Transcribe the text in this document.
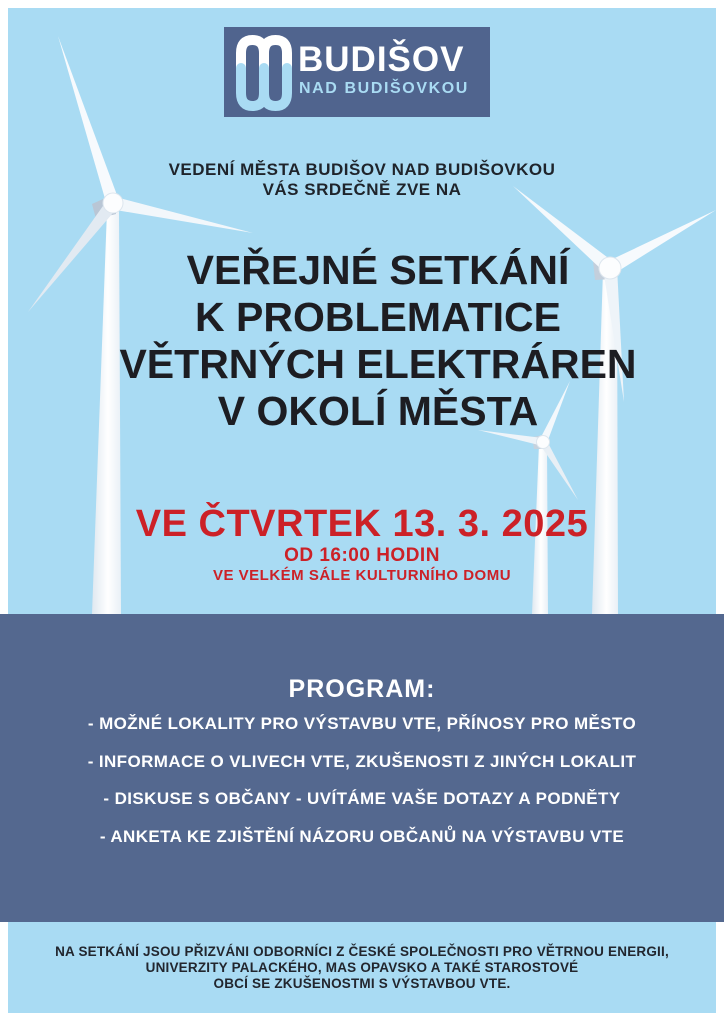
BUDIŠOV
NAD BUDIŠOVKOU
VEDENÍ MĚSTA BUDIŠOV NAD BUDIŠOVKOU
VÁS SRDEČNĚ ZVE NA
VEŘEJNÉ SETKÁNÍ
K PROBLEMATICE
VĚTRNÝCH ELEKTRÁREN
V OKOLÍ MĚSTA
VE ČTVRTEK 13. 3. 2025
OD 16:00 HODIN
VE VELKÉM SÁLE KULTURNÍHO DOMU
PROGRAM:
- MOŽNÉ LOKALITY PRO VÝSTAVBU VTE, PŘÍNOSY PRO MĚSTO
- INFORMACE O VLIVECH VTE, ZKUŠENOSTI Z JINÝCH LOKALIT
- DISKUSE S OBČANY - UVÍTÁME VAŠE DOTAZY A PODNĚTY
- ANKETA KE ZJIŠTĚNÍ NÁZORU OBČANŮ NA VÝSTAVBU VTE
NA SETKÁNÍ JSOU PŘIZVÁNI ODBORNÍCI Z ČESKÉ SPOLEČNOSTI PRO VĚTRNOU ENERGII,
UNIVERZITY PALACKÉHO, MAS OPAVSKO A TAKÉ STAROSTOVÉ
OBCÍ SE ZKUŠENOSTMI S VÝSTAVBOU VTE.
